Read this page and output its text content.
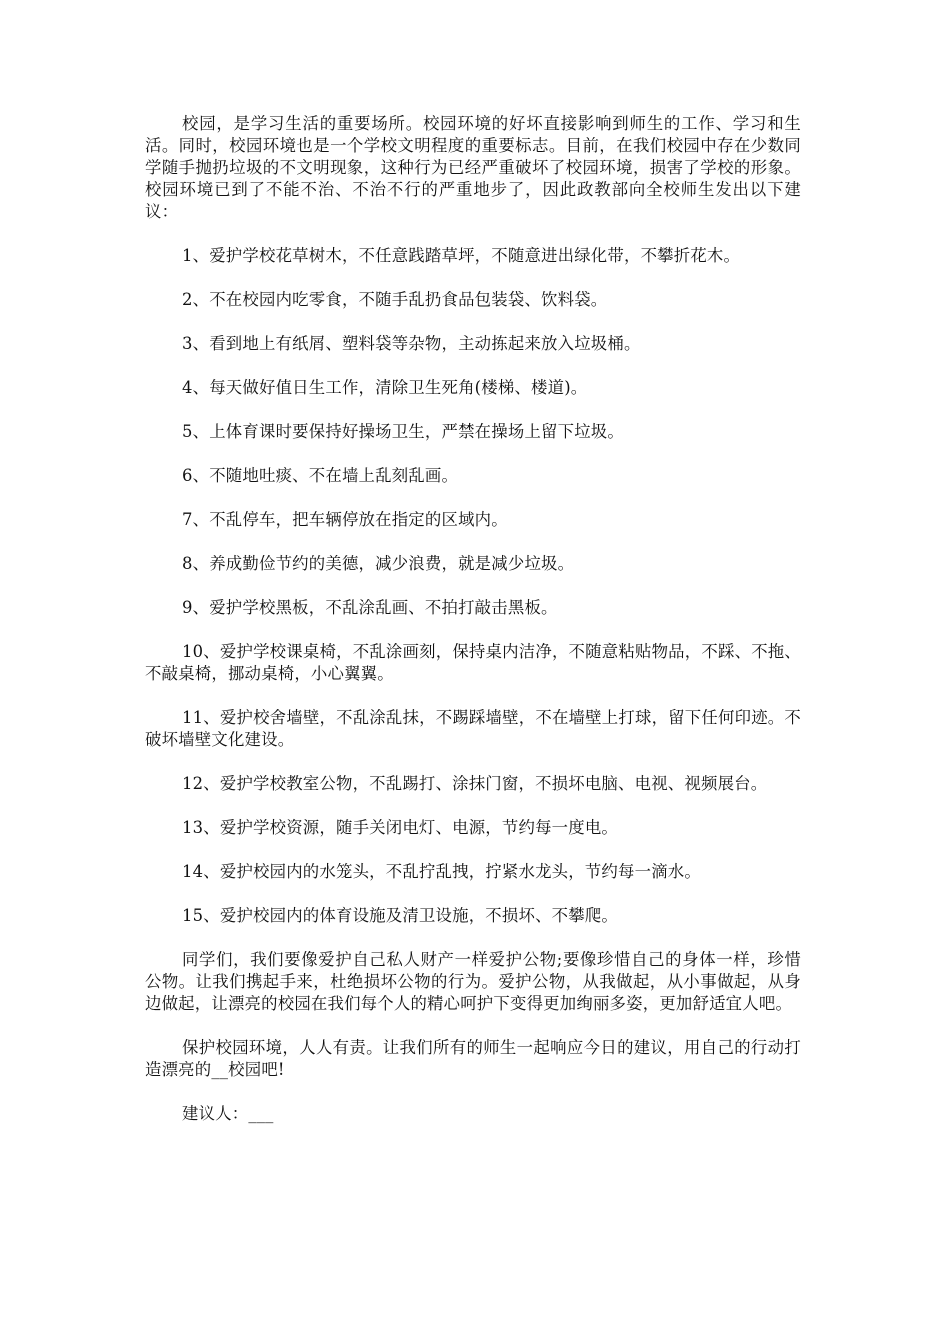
校园，是学习生活的重要场所。校园环境的好坏直接影响到师生的工作、学习和生活。同时，校园环境也是一个学校文明程度的重要标志。目前，在我们校园中存在少数同学随手抛扔垃圾的不文明现象，这种行为已经严重破坏了校园环境，损害了学校的形象。校园环境已到了不能不治、不治不行的严重地步了，因此政教部向全校师生发出以下建议：

1、爱护学校花草树木，不任意践踏草坪，不随意进出绿化带，不攀折花木。

2、不在校园内吃零食，不随手乱扔食品包装袋、饮料袋。

3、看到地上有纸屑、塑料袋等杂物，主动拣起来放入垃圾桶。

4、每天做好值日生工作，清除卫生死角(楼梯、楼道)。

5、上体育课时要保持好操场卫生，严禁在操场上留下垃圾。

6、不随地吐痰、不在墙上乱刻乱画。

7、不乱停车，把车辆停放在指定的区域内。

8、养成勤俭节约的美德，减少浪费，就是减少垃圾。

9、爱护学校黑板，不乱涂乱画、不拍打敲击黑板。

10、爱护学校课桌椅，不乱涂画刻，保持桌内洁净，不随意粘贴物品，不踩、不拖、不敲桌椅，挪动桌椅，小心翼翼。

11、爱护校舍墙壁，不乱涂乱抹，不踢踩墙壁，不在墙壁上打球，留下任何印迹。不破坏墙壁文化建设。

12、爱护学校教室公物，不乱踢打、涂抹门窗，不损坏电脑、电视、视频展台。

13、爱护学校资源，随手关闭电灯、电源，节约每一度电。

14、爱护校园内的水笼头，不乱拧乱拽，拧紧水龙头，节约每一滴水。

15、爱护校园内的体育设施及清卫设施，不损坏、不攀爬。

同学们，我们要像爱护自己私人财产一样爱护公物;要像珍惜自己的身体一样，珍惜公物。让我们携起手来，杜绝损坏公物的行为。爱护公物，从我做起，从小事做起，从身边做起，让漂亮的校园在我们每个人的精心呵护下变得更加绚丽多姿，更加舒适宜人吧。

保护校园环境，人人有责。让我们所有的师生一起响应今日的建议，用自己的行动打造漂亮的__校园吧!

建议人：___
